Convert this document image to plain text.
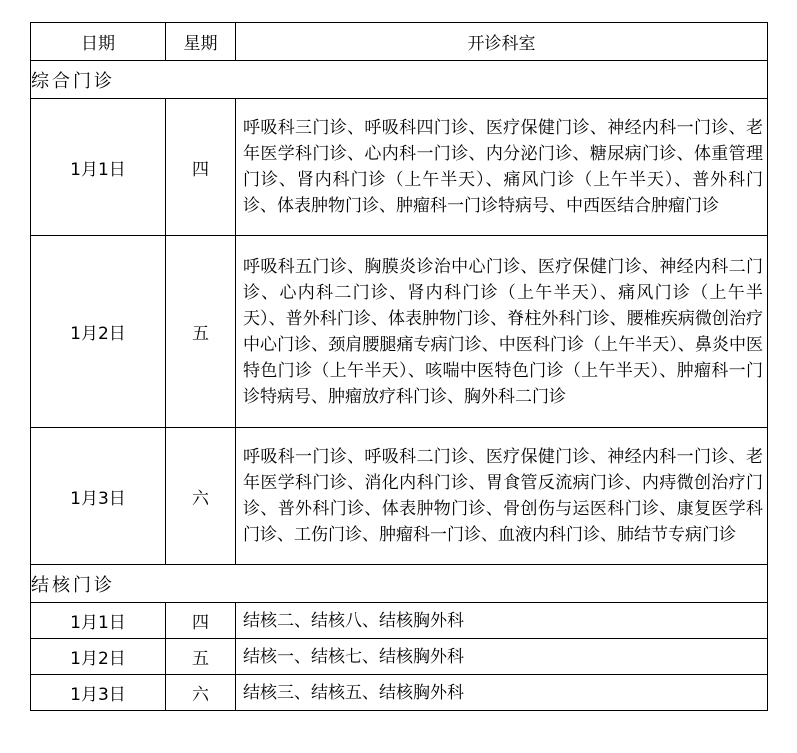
日期	星期	开诊科室
综合门诊		
1月1日	四	呼吸科三门诊、呼吸科四门诊、医疗保健门诊、神经内科一门诊、老年医学科门诊、心内科一门诊、内分泌门诊、糖尿病门诊、体重管理门诊、肾内科门诊（上午半天）、痛风门诊（上午半天）、普外科门诊、体表肿物门诊、肿瘤科一门诊特病号、中西医结合肿瘤门诊
1月2日	五	呼吸科五门诊、胸膜炎诊治中心门诊、医疗保健门诊、神经内科二门诊、心内科二门诊、肾内科门诊（上午半天）、痛风门诊（上午半天）、普外科门诊、体表肿物门诊、脊柱外科门诊、腰椎疾病微创治疗中心门诊、颈肩腰腿痛专病门诊、中医科门诊（上午半天）、鼻炎中医特色门诊（上午半天）、咳喘中医特色门诊（上午半天）、肿瘤科一门诊特病号、肿瘤放疗科门诊、胸外科二门诊
1月3日	六	呼吸科一门诊、呼吸科二门诊、医疗保健门诊、神经内科一门诊、老年医学科门诊、消化内科门诊、胃食管反流病门诊、内痔微创治疗门诊、普外科门诊、体表肿物门诊、骨创伤与运医科门诊、康复医学科门诊、工伤门诊、肿瘤科一门诊、血液内科门诊、肺结节专病门诊
结核门诊		
1月1日	四	结核二、结核八、结核胸外科
1月2日	五	结核一、结核七、结核胸外科
1月3日	六	结核三、结核五、结核胸外科
